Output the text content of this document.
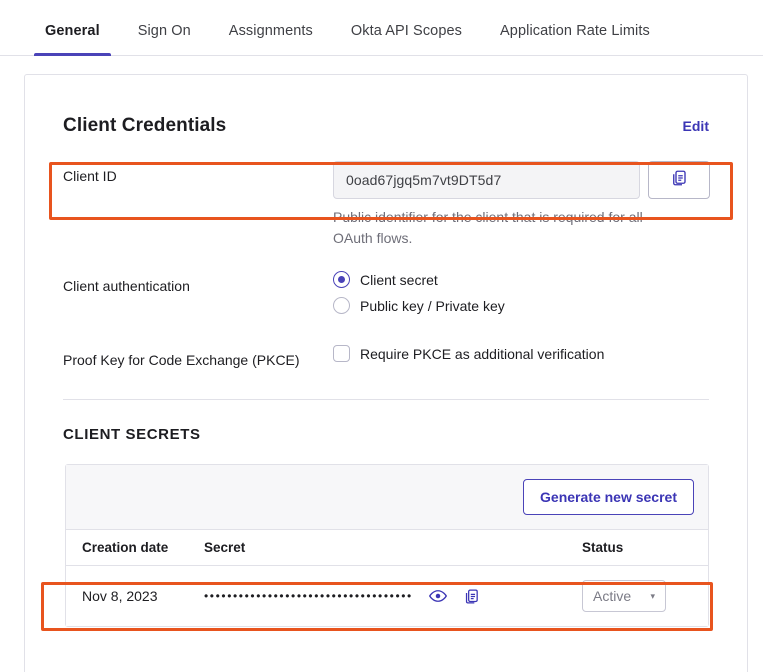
General	Sign On	Assignments	Okta API Scopes	Application Rate Limits
Client Credentials	Edit
Client ID	0oad67jgq5m7vt9DT5d7
Public identifier for the client that is required for all OAuth flows.
Client authentication	Client secret
Public key / Private key
Proof Key for Code Exchange (PKCE)	Require PKCE as additional verification
CLIENT SECRETS
Generate new secret
Creation date	Secret	Status
Nov 8, 2023	••••••••••••••••••••••••••••••••••••	Active ▾
